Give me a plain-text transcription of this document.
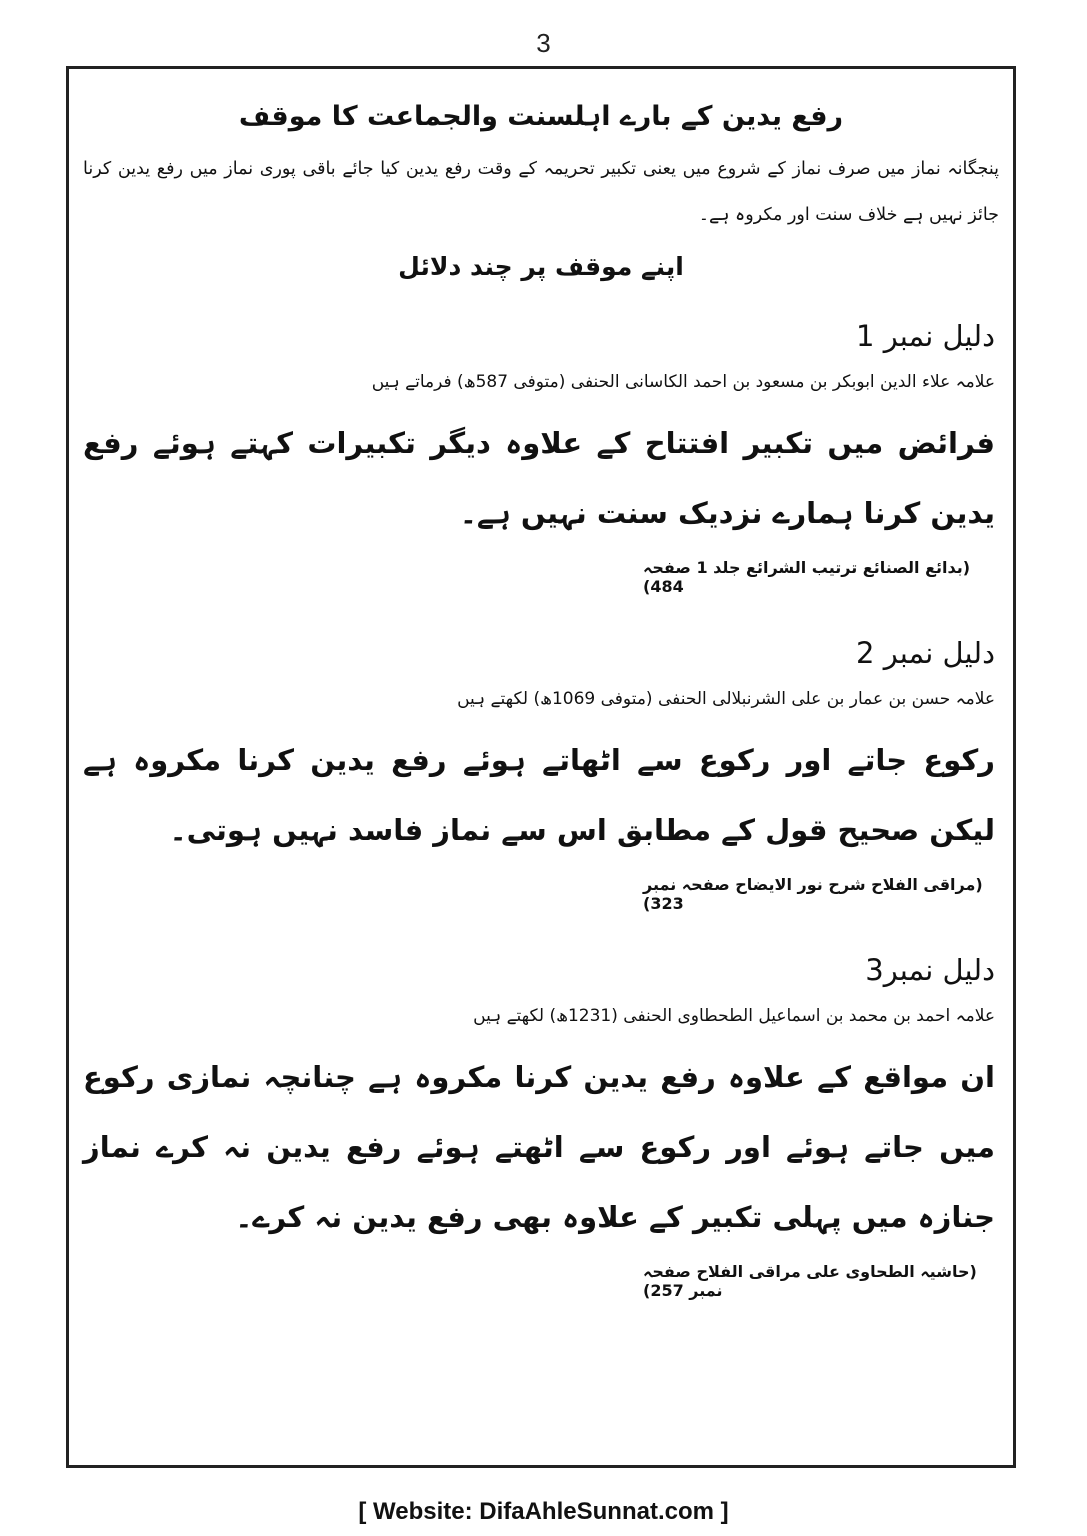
3
رفع یدین کے بارے اہلسنت والجماعت کا موقف

پنجگانہ نماز میں صرف نماز کے شروع میں یعنی تکبیر تحریمہ کے وقت رفع یدین کیا جائے باقی پوری نماز میں رفع یدین کرنا جائز نہیں ہے خلاف سنت اور مکروہ ہے۔

اپنے موقف پر چند دلائل
دلیل نمبر 1
علامہ علاء الدین ابوبکر بن مسعود بن احمد الکاسانی الحنفی (متوفی 587ھ) فرماتے ہیں

فرائض میں تکبیر افتتاح کے علاوہ دیگر تکبیرات کہتے ہوئے رفع یدین کرنا ہمارے نزدیک سنت نہیں ہے۔

(بدائع الصنائع ترتیب الشرائع جلد 1 صفحہ 484)
دلیل نمبر 2
علامہ حسن بن عمار بن علی الشرنبلالی الحنفی (متوفی 1069ھ) لکھتے ہیں

رکوع جاتے اور رکوع سے اٹھاتے ہوئے رفع یدین کرنا مکروہ ہے لیکن صحیح قول کے مطابق اس سے نماز فاسد نہیں ہوتی۔

(مراقی الفلاح شرح نور الایضاح صفحہ نمبر 323)
دلیل نمبر3
علامہ احمد بن محمد بن اسماعیل الطحطاوی الحنفی (1231ھ) لکھتے ہیں

ان مواقع کے علاوہ رفع یدین کرنا مکروہ ہے چنانچہ نمازی رکوع میں جاتے ہوئے اور رکوع سے اٹھتے ہوئے رفع یدین نہ کرے نماز جنازہ میں پہلی تکبیر کے علاوہ بھی رفع یدین نہ کرے۔

(حاشیہ الطحاوی علی مراقی الفلاح صفحہ نمبر 257)
[ Website: DifaAhleSunnat.com ]
